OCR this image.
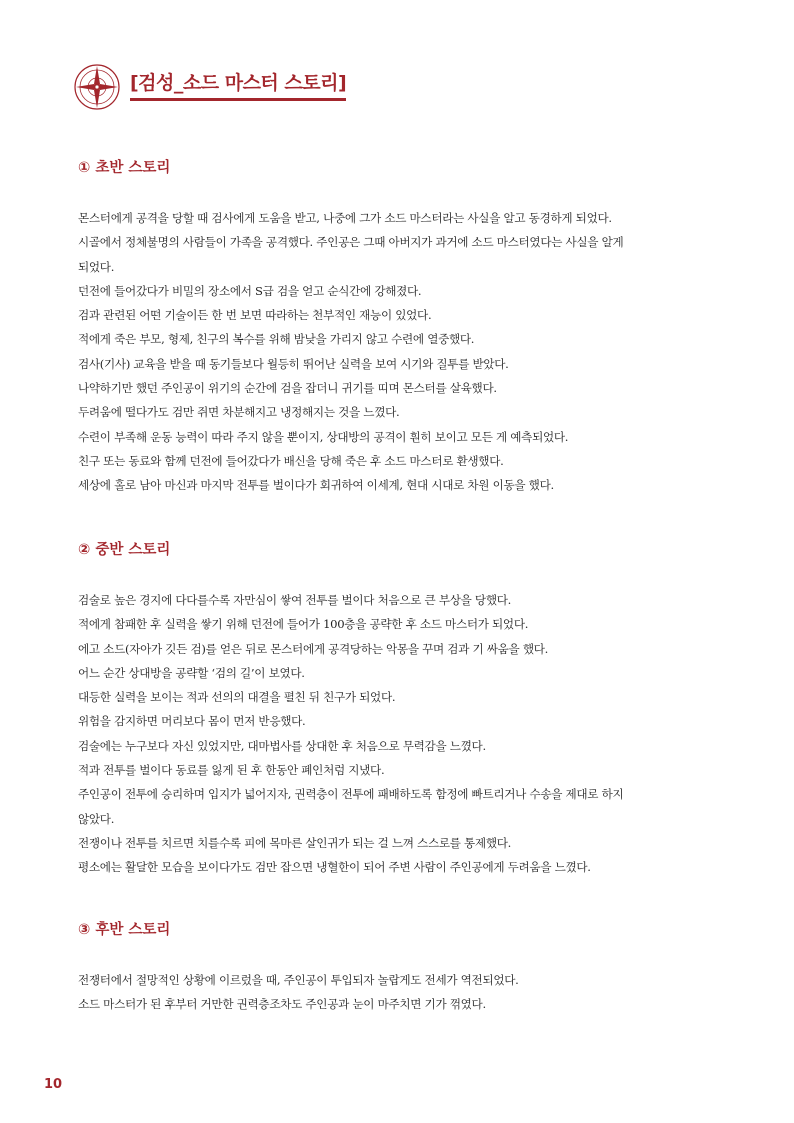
[검성_소드 마스터 스토리]
① 초반 스토리
몬스터에게 공격을 당할 때 검사에게 도움을 받고, 나중에 그가 소드 마스터라는 사실을 알고 동경하게 되었다.
시골에서 정체불명의 사람들이 가족을 공격했다. 주인공은 그때 아버지가 과거에 소드 마스터였다는 사실을 알게
되었다.
던전에 들어갔다가 비밀의 장소에서 S급 검을 얻고 순식간에 강해졌다.
검과 관련된 어떤 기술이든 한 번 보면 따라하는 천부적인 재능이 있었다.
적에게 죽은 부모, 형제, 친구의 복수를 위해 밤낮을 가리지 않고 수련에 열중했다.
검사(기사) 교육을 받을 때 동기들보다 월등히 뛰어난 실력을 보여 시기와 질투를 받았다.
나약하기만 했던 주인공이 위기의 순간에 검을 잡더니 귀기를 띠며 몬스터를 살육했다.
두려움에 떨다가도 검만 쥐면 차분해지고 냉정해지는 것을 느꼈다.
수련이 부족해 운동 능력이 따라 주지 않을 뿐이지, 상대방의 공격이 훤히 보이고 모든 게 예측되었다.
친구 또는 동료와 함께 던전에 들어갔다가 배신을 당해 죽은 후 소드 마스터로 환생했다.
세상에 홀로 남아 마신과 마지막 전투를 벌이다가 회귀하여 이세계, 현대 시대로 차원 이동을 했다.
② 중반 스토리
검술로 높은 경지에 다다를수록 자만심이 쌓여 전투를 벌이다 처음으로 큰 부상을 당했다.
적에게 참패한 후 실력을 쌓기 위해 던전에 들어가 100층을 공략한 후 소드 마스터가 되었다.
에고 소드(자아가 깃든 검)를 얻은 뒤로 몬스터에게 공격당하는 악몽을 꾸며 검과 기 싸움을 했다.
어느 순간 상대방을 공략할 ‘검의 길’이 보였다.
대등한 실력을 보이는 적과 선의의 대결을 펼친 뒤 친구가 되었다.
위험을 감지하면 머리보다 몸이 먼저 반응했다.
검술에는 누구보다 자신 있었지만, 대마법사를 상대한 후 처음으로 무력감을 느꼈다.
적과 전투를 벌이다 동료를 잃게 된 후 한동안 폐인처럼 지냈다.
주인공이 전투에 승리하며 입지가 넓어지자, 권력층이 전투에 패배하도록 함정에 빠트리거나 수송을 제대로 하지
않았다.
전쟁이나 전투를 치르면 치를수록 피에 목마른 살인귀가 되는 걸 느껴 스스로를 통제했다.
평소에는 활달한 모습을 보이다가도 검만 잡으면 냉혈한이 되어 주변 사람이 주인공에게 두려움을 느꼈다.
③ 후반 스토리
전쟁터에서 절망적인 상황에 이르렀을 때, 주인공이 투입되자 놀랍게도 전세가 역전되었다.
소드 마스터가 된 후부터 거만한 권력층조차도 주인공과 눈이 마주치면 기가 꺾였다.
10
